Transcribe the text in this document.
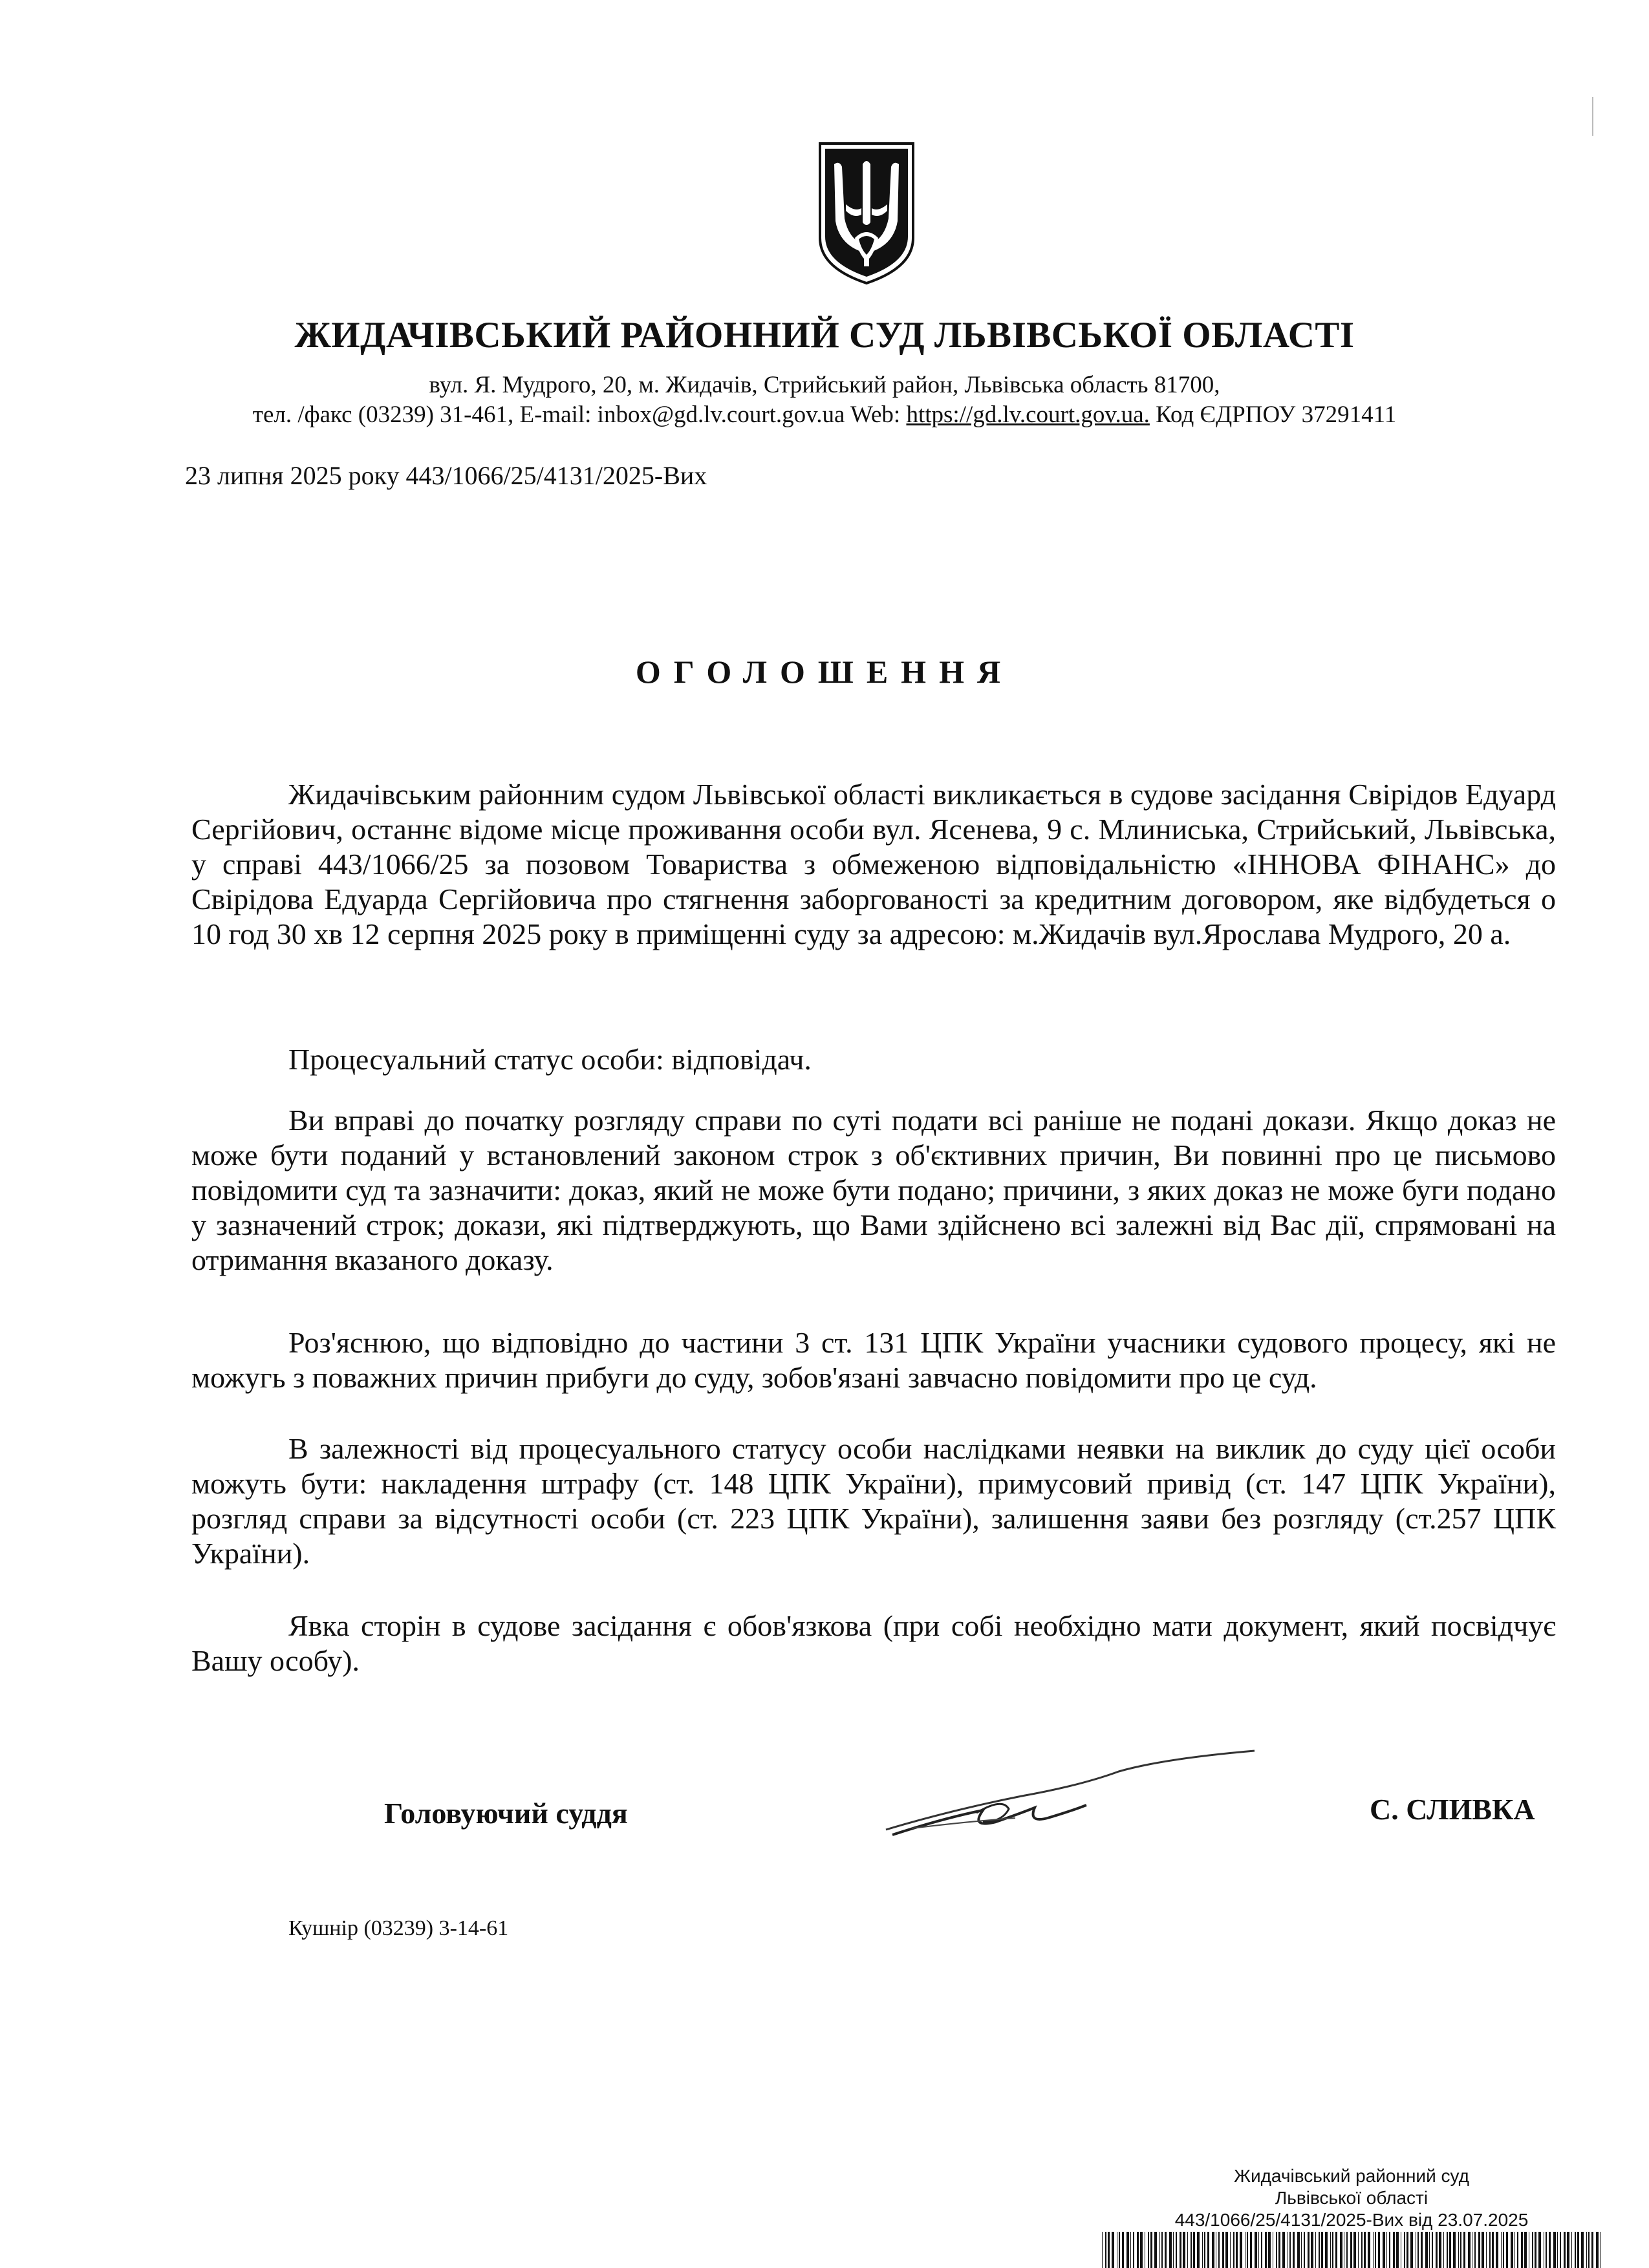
ЖИДАЧІВСЬКИЙ РАЙОННИЙ СУД ЛЬВІВСЬКОЇ ОБЛАСТІ
вул. Я. Мудрого, 20, м. Жидачів, Стрийський район, Львівська область 81700,
тел. /факс (03239) 31-461, E-mail: inbox@gd.lv.court.gov.ua Web: https://gd.lv.court.gov.ua. Код ЄДРПОУ 37291411
23 липня 2025 року 443/1066/25/4131/2025-Вих
ОГОЛОШЕННЯ
Жидачівським районним судом Львівської області викликається в судове засідання Свірідов Едуард Сергійович, останнє відоме місце проживання особи вул. Ясенева, 9 с. Млиниська, Стрийський, Львівська, у справі 443/1066/25 за позовом Товариства з обмеженою відповідальністю «ІННОВА ФІНАНС» до Свірідова Едуарда Сергійовича про стягнення заборгованості за кредитним договором, яке відбудеться о 10 год 30 хв 12 серпня 2025 року в приміщенні суду за адресою: м.Жидачів вул.Ярослава Мудрого, 20 а.
Процесуальний статус особи: відповідач.
Ви вправі до початку розгляду справи по суті подати всі раніше не подані докази. Якщо доказ не може бути поданий у встановлений законом строк з об'єктивних причин, Ви повинні про це письмово повідомити суд та зазначити: доказ, який не може бути подано; причини, з яких доказ не може буги подано у зазначений строк; докази, які підтверджують, що Вами здійснено всі залежні від Вас дії, спрямовані на отримання вказаного доказу.
Роз'яснюю, що відповідно до частини 3 ст. 131 ЦПК України учасники судового процесу, які не можугь з поважних причин прибуги до суду, зобов'язані завчасно повідомити про це суд.
В залежності від процесуального статусу особи наслідками неявки на виклик до суду цієї особи можуть бути: накладення штрафу (ст. 148 ЦПК України), примусовий привід (ст. 147 ЦПК України), розгляд справи за відсутності особи (ст. 223 ЦПК України), залишення заяви без розгляду (ст.257 ЦПК України).
Явка сторін в судове засідання є обов'язкова (при собі необхідно мати документ, який посвідчує Вашу особу).
Головуючий суддя	С. СЛИВКА
Кушнір (03239) 3-14-61
Жидачівський районний суд
Львівської області
443/1066/25/4131/2025-Вих від 23.07.2025
